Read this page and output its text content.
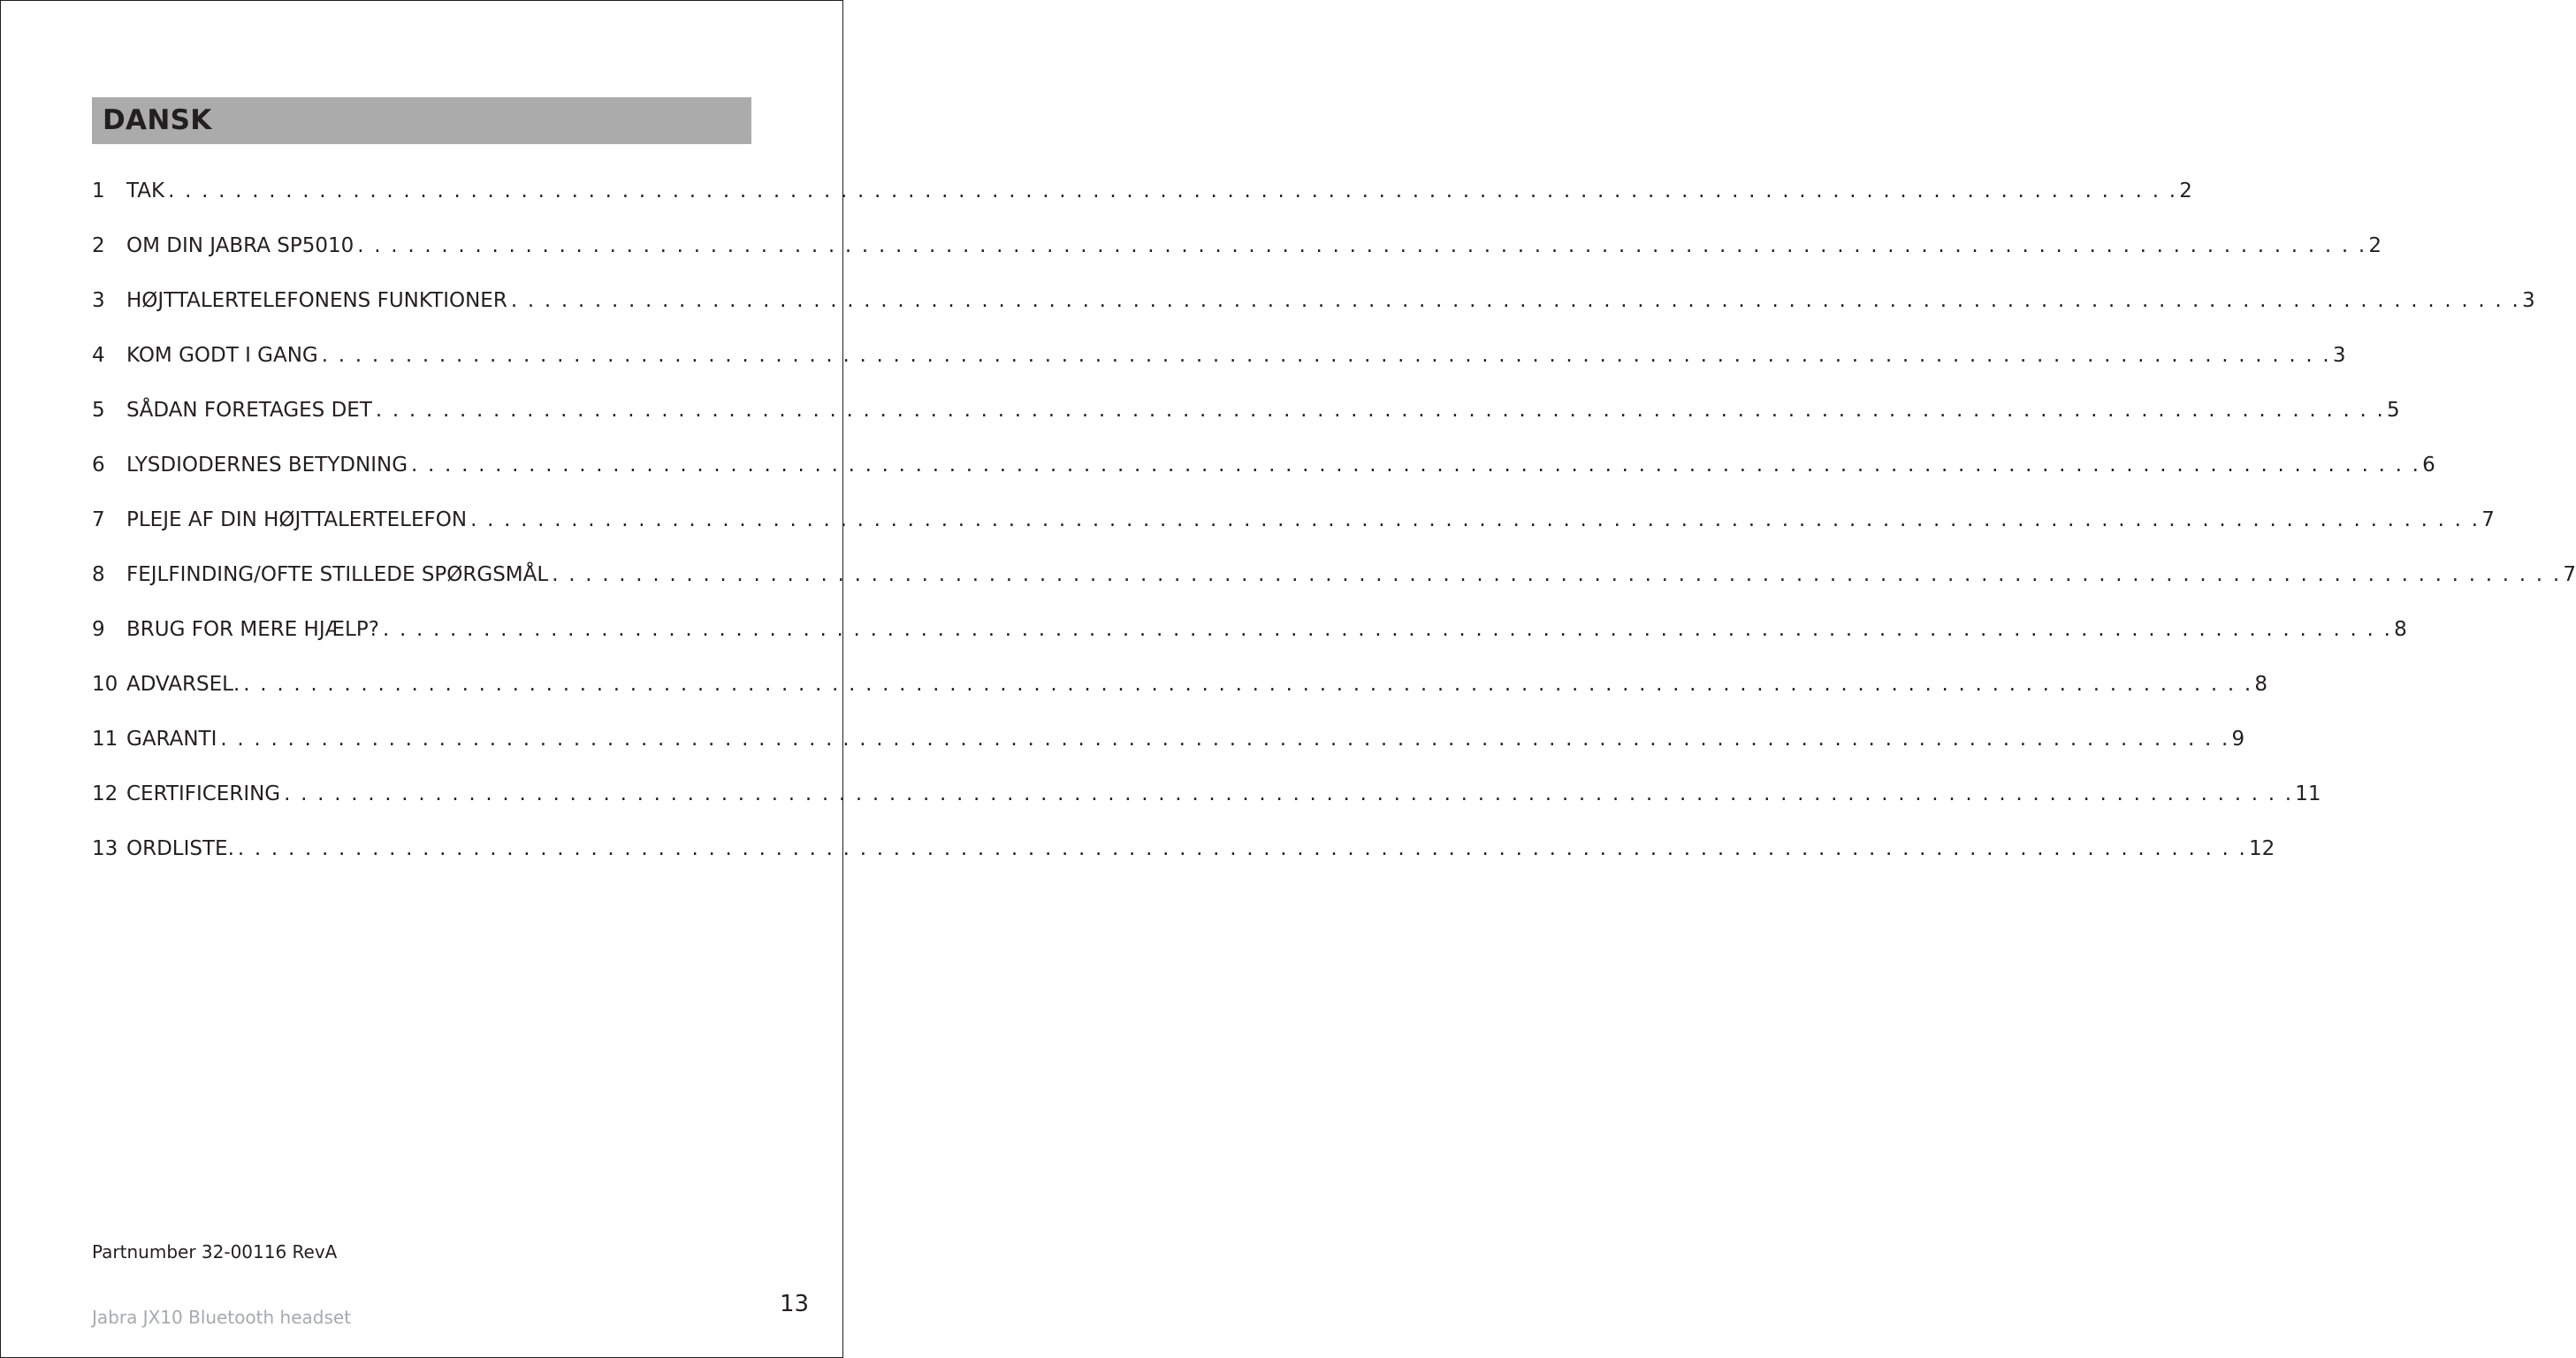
DANSK
1 TAK . . . . . . . . . . . . . . . . . . . . . . . . . . . . . . . . . . . . . . . . . . . . . . . . . . . . . . . . . . . . . . . . . . . . . . . . . . . . . . . . . . . . . . . . . . . . . . . . . . . . . . . . . . . . . . . . . . . . . . . . 2
2 OM DIN JABRA SP5010 . . . . . . . . . . . . . . . . . . . . . . . . . . . . . . . . . . . . . . . . . . . . . . . . . . . . . . . . . . . . . . . . . . . . . . . . . . . . . . . . . . . . . . . . . . . . . . . . . . . . . . . . . . . . . . . . . . . . . . . . 2
3 HØJTTALERTELEFONENS FUNKTIONER . . . . . . . . . . . . . . . . . . . . . . . . . . . . . . . . . . . . . . . . . . . . . . . . . . . . . . . . . . . . . . . . . . . . . . . . . . . . . . . . . . . . . . . . . . . . . . . . . . . . . . . . . . . . . . . . . . . . . . . . 3
4 KOM GODT I GANG . . . . . . . . . . . . . . . . . . . . . . . . . . . . . . . . . . . . . . . . . . . . . . . . . . . . . . . . . . . . . . . . . . . . . . . . . . . . . . . . . . . . . . . . . . . . . . . . . . . . . . . . . . . . . . . . . . . . . . . . 3
5 SÅDAN FORETAGES DET . . . . . . . . . . . . . . . . . . . . . . . . . . . . . . . . . . . . . . . . . . . . . . . . . . . . . . . . . . . . . . . . . . . . . . . . . . . . . . . . . . . . . . . . . . . . . . . . . . . . . . . . . . . . . . . . . . . . . . . . 5
6 LYSDIODERNES BETYDNING . . . . . . . . . . . . . . . . . . . . . . . . . . . . . . . . . . . . . . . . . . . . . . . . . . . . . . . . . . . . . . . . . . . . . . . . . . . . . . . . . . . . . . . . . . . . . . . . . . . . . . . . . . . . . . . . . . . . . . . . 6
7 PLEJE AF DIN HØJTTALERTELEFON . . . . . . . . . . . . . . . . . . . . . . . . . . . . . . . . . . . . . . . . . . . . . . . . . . . . . . . . . . . . . . . . . . . . . . . . . . . . . . . . . . . . . . . . . . . . . . . . . . . . . . . . . . . . . . . . . . . . . . . . 7
8 FEJLFINDING/OFTE STILLEDE SPØRGSMÅL . . . . . . . . . . . . . . . . . . . . . . . . . . . . . . . . . . . . . . . . . . . . . . . . . . . . . . . . . . . . . . . . . . . . . . . . . . . . . . . . . . . . . . . . . . . . . . . . . . . . . . . . . . . . . . . . . . . . . . . . 7
9 BRUG FOR MERE HJÆLP? . . . . . . . . . . . . . . . . . . . . . . . . . . . . . . . . . . . . . . . . . . . . . . . . . . . . . . . . . . . . . . . . . . . . . . . . . . . . . . . . . . . . . . . . . . . . . . . . . . . . . . . . . . . . . . . . . . . . . . . . 8
10 ADVARSEL. . . . . . . . . . . . . . . . . . . . . . . . . . . . . . . . . . . . . . . . . . . . . . . . . . . . . . . . . . . . . . . . . . . . . . . . . . . . . . . . . . . . . . . . . . . . . . . . . . . . . . . . . . . . . . . . . . . . . . . . . 8
11 GARANTI . . . . . . . . . . . . . . . . . . . . . . . . . . . . . . . . . . . . . . . . . . . . . . . . . . . . . . . . . . . . . . . . . . . . . . . . . . . . . . . . . . . . . . . . . . . . . . . . . . . . . . . . . . . . . . . . . . . . . . . . 9
12 CERTIFICERING . . . . . . . . . . . . . . . . . . . . . . . . . . . . . . . . . . . . . . . . . . . . . . . . . . . . . . . . . . . . . . . . . . . . . . . . . . . . . . . . . . . . . . . . . . . . . . . . . . . . . . . . . . . . . . . . . . . . . . . . 11
13 ORDLISTE. . . . . . . . . . . . . . . . . . . . . . . . . . . . . . . . . . . . . . . . . . . . . . . . . . . . . . . . . . . . . . . . . . . . . . . . . . . . . . . . . . . . . . . . . . . . . . . . . . . . . . . . . . . . . . . . . . . . . . . . . 12
Partnumber 32-00116 RevA
Jabra JX10 Bluetooth headset	13
